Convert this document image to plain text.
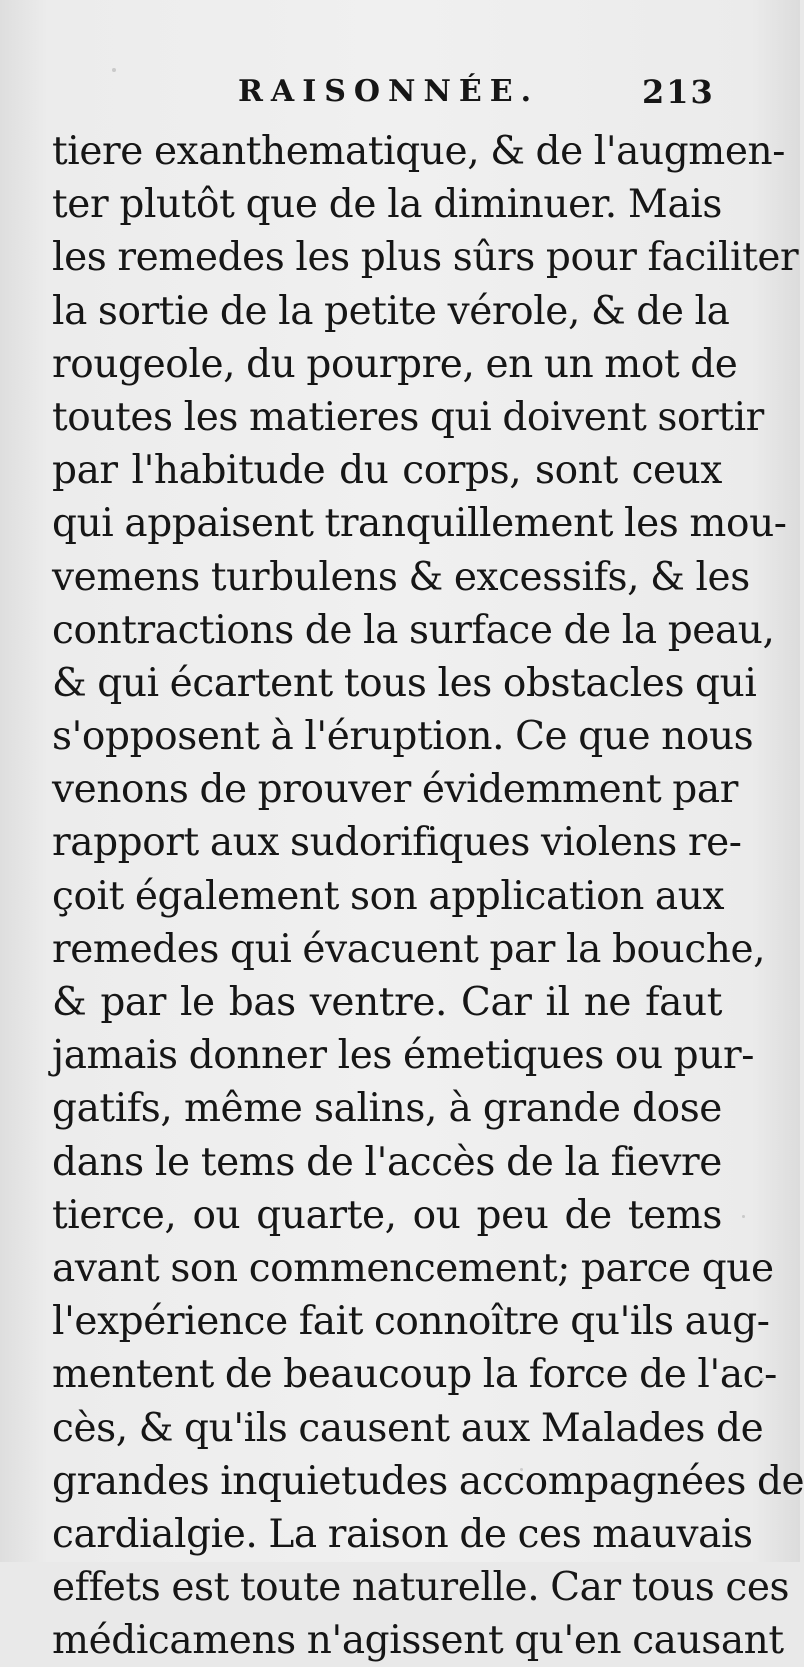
RAISONNÉE.	213
tiere exanthematique, & de l'augmen-
ter plutôt que de la diminuer. Mais
les remedes les plus sûrs pour faciliter
la sortie de la petite vérole, & de la
rougeole, du pourpre, en un mot de
toutes les matieres qui doivent sortir
par l'habitude du corps, sont ceux
qui appaisent tranquillement les mou-
vemens turbulens & excessifs, & les
contractions de la surface de la peau,
& qui écartent tous les obstacles qui
s'opposent à l'éruption. Ce que nous
venons de prouver évidemment par
rapport aux sudorifiques violens re-
çoit également son application aux
remedes qui évacuent par la bouche,
& par le bas ventre. Car il ne faut
jamais donner les émetiques ou pur-
gatifs, même salins, à grande dose
dans le tems de l'accès de la fievre
tierce, ou quarte, ou peu de tems
avant son commencement; parce que
l'expérience fait connoître qu'ils aug-
mentent de beaucoup la force de l'ac-
cès, & qu'ils causent aux Malades de
grandes inquietudes accompagnées de
cardialgie. La raison de ces mauvais
effets est toute naturelle. Car tous ces
médicamens n'agissent qu'en causant
